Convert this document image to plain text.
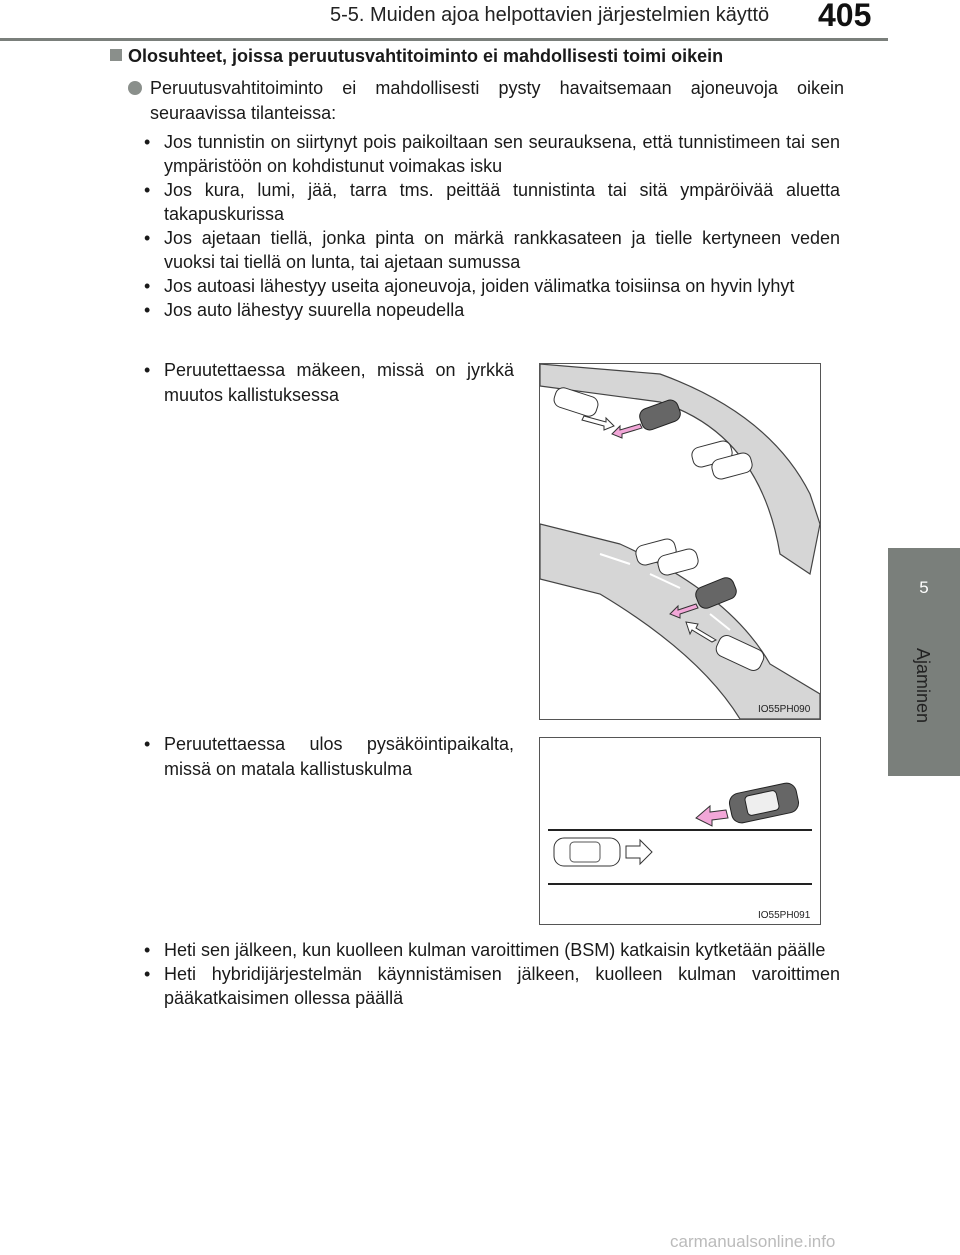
5-5. Muiden ajoa helpottavien järjestelmien käyttö	405
5
Ajaminen
Olosuhteet, joissa peruutusvahtitoiminto ei mahdollisesti toimi oikein
Peruutusvahtitoiminto ei mahdollisesti pysty havaitsemaan ajoneuvoja oikein seuraavissa tilanteissa:
• Jos tunnistin on siirtynyt pois paikoiltaan sen seurauksena, että tunnistimeen tai sen ympäristöön on kohdistunut voimakas isku
• Jos kura, lumi, jää, tarra tms. peittää tunnistinta tai sitä ympäröivää aluetta takapuskurissa
• Jos ajetaan tiellä, jonka pinta on märkä rankkasateen ja tielle kertyneen veden vuoksi tai tiellä on lunta, tai ajetaan sumussa
• Jos autoasi lähestyy useita ajoneuvoja, joiden välimatka toisiinsa on hyvin lyhyt
• Jos auto lähestyy suurella nopeudella
• Peruutettaessa mäkeen, missä on jyrkkä muutos kallistuksessa
IO55PH090
• Peruutettaessa ulos pysäköintipaikalta, missä on matala kallistuskulma
IO55PH091
• Heti sen jälkeen, kun kuolleen kulman varoittimen (BSM) katkaisin kytketään päälle
• Heti hybridijärjestelmän käynnistämisen jälkeen, kuolleen kulman varoittimen pääkatkaisimen ollessa päällä
carmanualsonline.info
